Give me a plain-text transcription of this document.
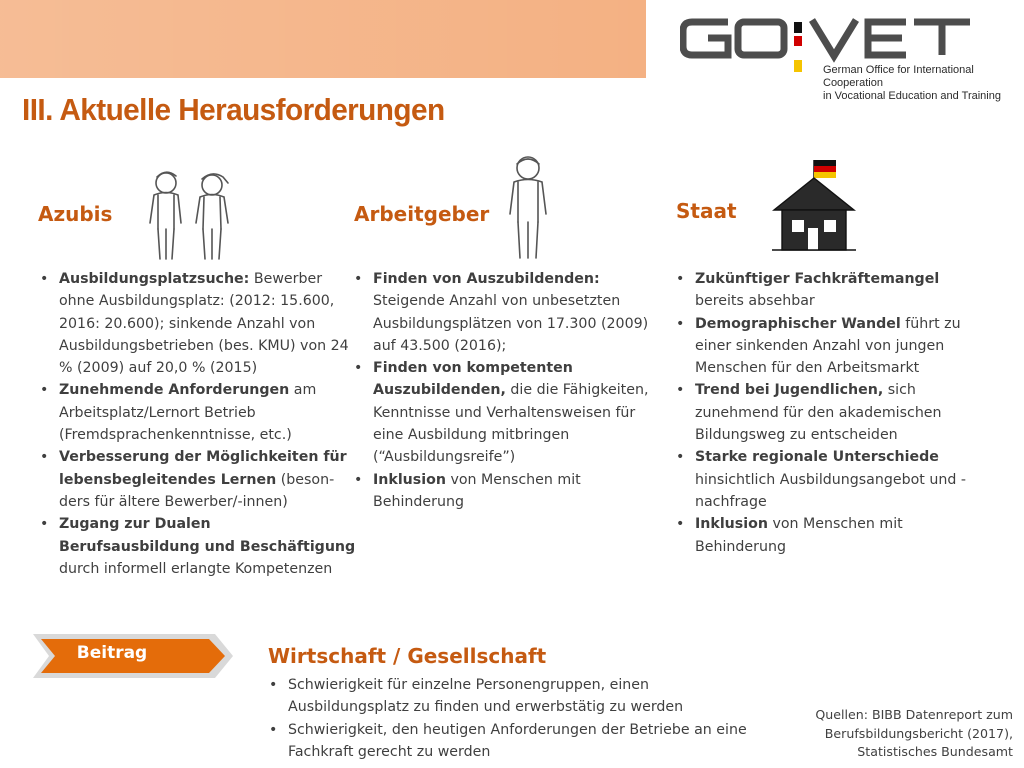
German Office for International Cooperation
in Vocational Education and Training
III. Aktuelle Herausforderungen
Azubis	Arbeitgeber	Staat
• Ausbildungsplatzsuche: Bewerber ohne Ausbildungsplatz: (2012: 15.600, 2016: 20.600); sinkende Anzahl von Ausbildungsbetrieben (bes. KMU) von 24 % (2009) auf 20,0 % (2015)
• Zunehmende Anforderungen am Arbeitsplatz/Lernort Betrieb (Fremdsprachenkenntnisse, etc.)
• Verbesserung der Möglichkeiten für lebensbegleitendes Lernen (beson-ders für ältere Bewerber/-innen)
• Zugang zur Dualen Berufsausbildung und Beschäftigung durch informell erlangte Kompetenzen
• Finden von Auszubildenden: Steigende Anzahl von unbesetzten Ausbildungsplätzen von 17.300 (2009) auf 43.500 (2016);
• Finden von kompetenten Auszubildenden, die die Fähigkeiten, Kenntnisse und Verhaltensweisen für eine Ausbildung mitbringen (“Ausbildungsreife”)
• Inklusion von Menschen mit Behinderung
• Zukünftiger Fachkräftemangel bereits absehbar
• Demographischer Wandel führt zu einer sinkenden Anzahl von jungen Menschen für den Arbeitsmarkt
• Trend bei Jugendlichen, sich zunehmend für den akademischen Bildungsweg zu entscheiden
• Starke regionale Unterschiede hinsichtlich Ausbildungsangebot und -nachfrage
• Inklusion von Menschen mit Behinderung
Beitrag	Wirtschaft / Gesellschaft
• Schwierigkeit für einzelne Personengruppen, einen Ausbildungsplatz zu finden und erwerbstätig zu werden
• Schwierigkeit, den heutigen Anforderungen der Betriebe an eine Fachkraft gerecht zu werden
Quellen: BIBB Datenreport zum
Berufsbildungsbericht (2017),
Statistisches Bundesamt
